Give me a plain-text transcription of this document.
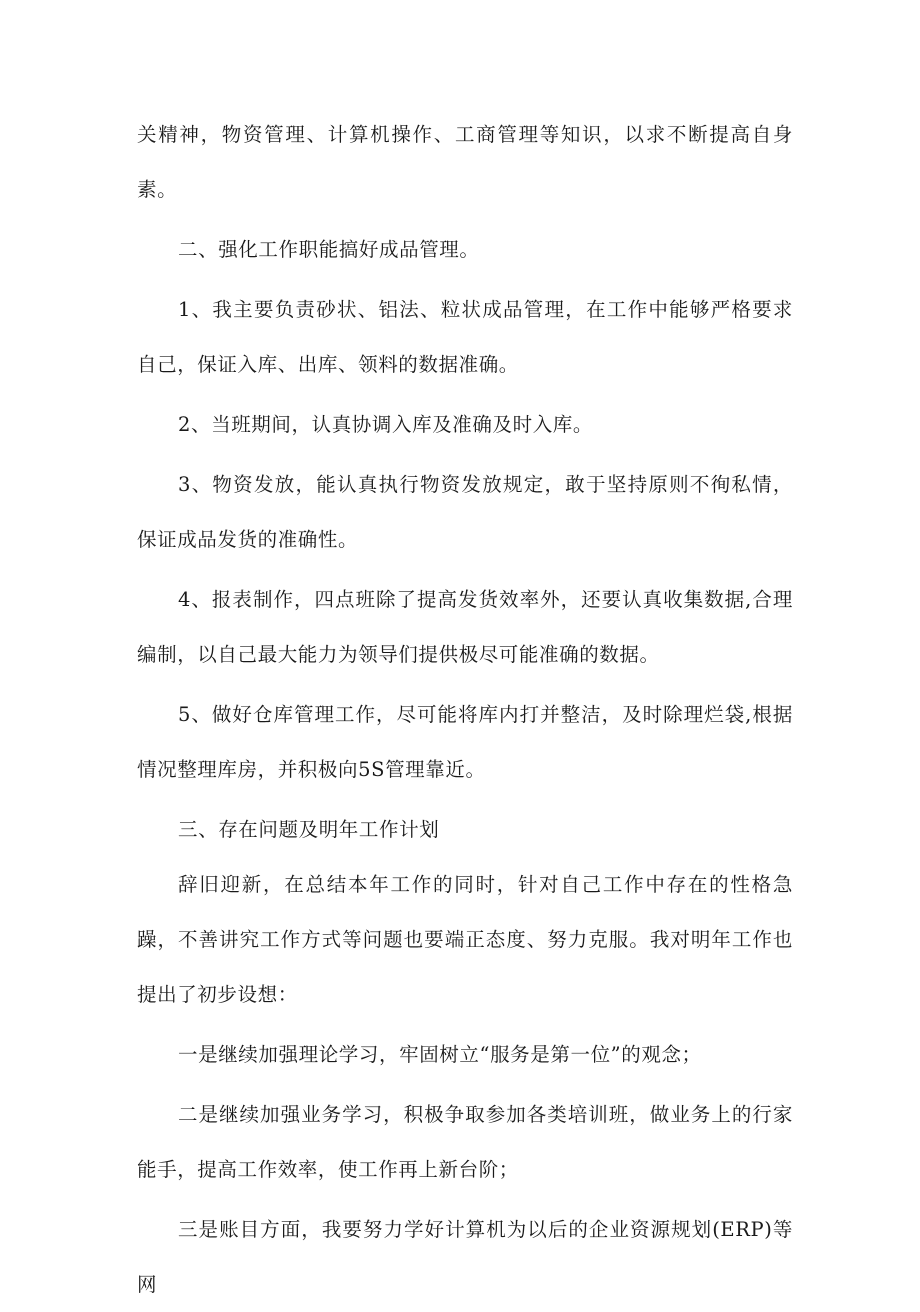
关精神，物资管理、计算机操作、工商管理等知识，以求不断提高自身素。

二、强化工作职能搞好成品管理。

1、我主要负责砂状、铝法、粒状成品管理，在工作中能够严格要求自己，保证入库、出库、领料的数据准确。

2、当班期间，认真协调入库及准确及时入库。

3、物资发放，能认真执行物资发放规定，敢于坚持原则不徇私情，保证成品发货的准确性。

4、报表制作，四点班除了提高发货效率外，还要认真收集数据,合理编制，以自己最大能力为领导们提供极尽可能准确的数据。

5、做好仓库管理工作，尽可能将库内打并整洁，及时除理烂袋,根据情况整理库房，并积极向5S管理靠近。

三、存在问题及明年工作计划

辞旧迎新，在总结本年工作的同时，针对自己工作中存在的性格急躁，不善讲究工作方式等问题也要端正态度、努力克服。我对明年工作也提出了初步设想：

一是继续加强理论学习，牢固树立“服务是第一位”的观念；

二是继续加强业务学习，积极争取参加各类培训班，做业务上的行家能手，提高工作效率，使工作再上新台阶；

三是账目方面，我要努力学好计算机为以后的企业资源规划(ERP)等网
